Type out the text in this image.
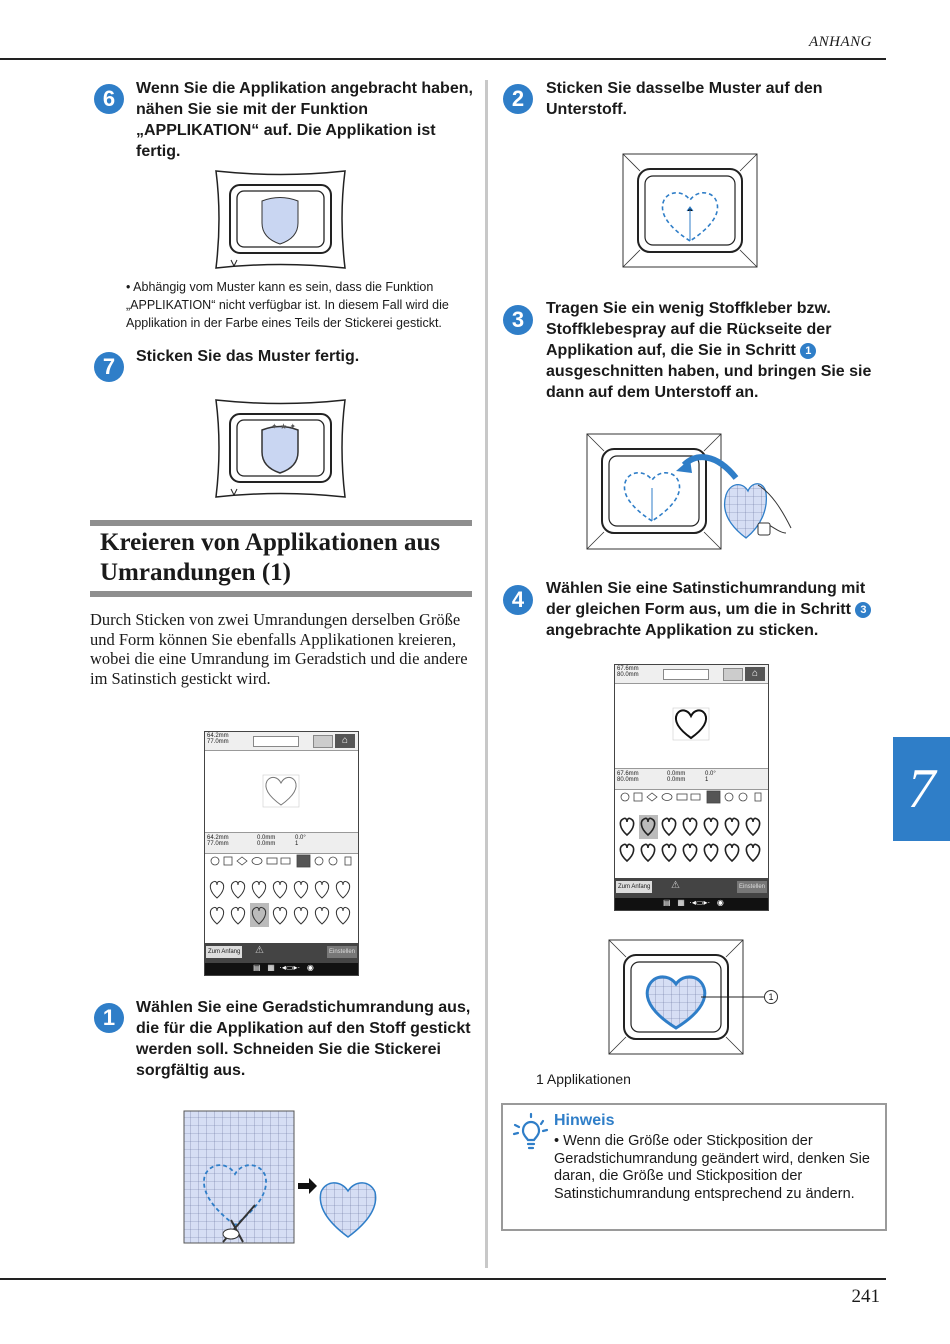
ANHANG
7
241
6	Wenn Sie die Applikation angebracht haben, nähen Sie sie mit der Funktion „APPLIKATION“ auf. Die Applikation ist fertig.
• Abhängig vom Muster kann es sein, dass die Funktion „APPLIKATION“ nicht verfügbar ist. In diesem Fall wird die Applikation in der Farbe eines Teils der Stickerei gestickt.
7	Sticken Sie das Muster fertig.
✦ ★ ✦
Kreieren von Applikationen aus
Umrandungen (1)
Durch Sticken von zwei Umrandungen derselben Größe und Form können Sie ebenfalls Applikationen kreieren, wobei die eine Umrandung im Geradstich und die andere im Satinstich gestickt wird.
64.2mm
77.0mm	⌂
64.2mm
77.0mm
0.0mm
0.0mm
0.0°
1
Zum Anfang ⚠	Einstellen
▤   ▦  ·◂▭▸·   ◉
1	Wählen Sie eine Geradstichumrandung aus, die für die Applikation auf den Stoff gestickt werden soll. Schneiden Sie die Stickerei sorgfältig aus.
2	Sticken Sie dasselbe Muster auf den Unterstoff.
3	Tragen Sie ein wenig Stoffkleber bzw. Stoffklebespray auf die Rückseite der Applikation auf, die Sie in Schritt 1 ausgeschnitten haben, und bringen Sie sie dann auf dem Unterstoff an.
4	Wählen Sie eine Satinstichumrandung mit der gleichen Form aus, um die in Schritt 3 angebrachte Applikation zu sticken.
67.6mm
80.0mm	⌂
67.6mm
80.0mm
0.0mm
0.0mm
0.0°
1
Zum Anfang ⚠	Einstellen
▤   ▦  ·◂▭▸·   ◉
1
1 Applikationen
Hinweis
• Wenn die Größe oder Stickposition der Geradstichumrandung geändert wird, denken Sie daran, die Größe und Stickposition der Satinstichumrandung entsprechend zu ändern.
